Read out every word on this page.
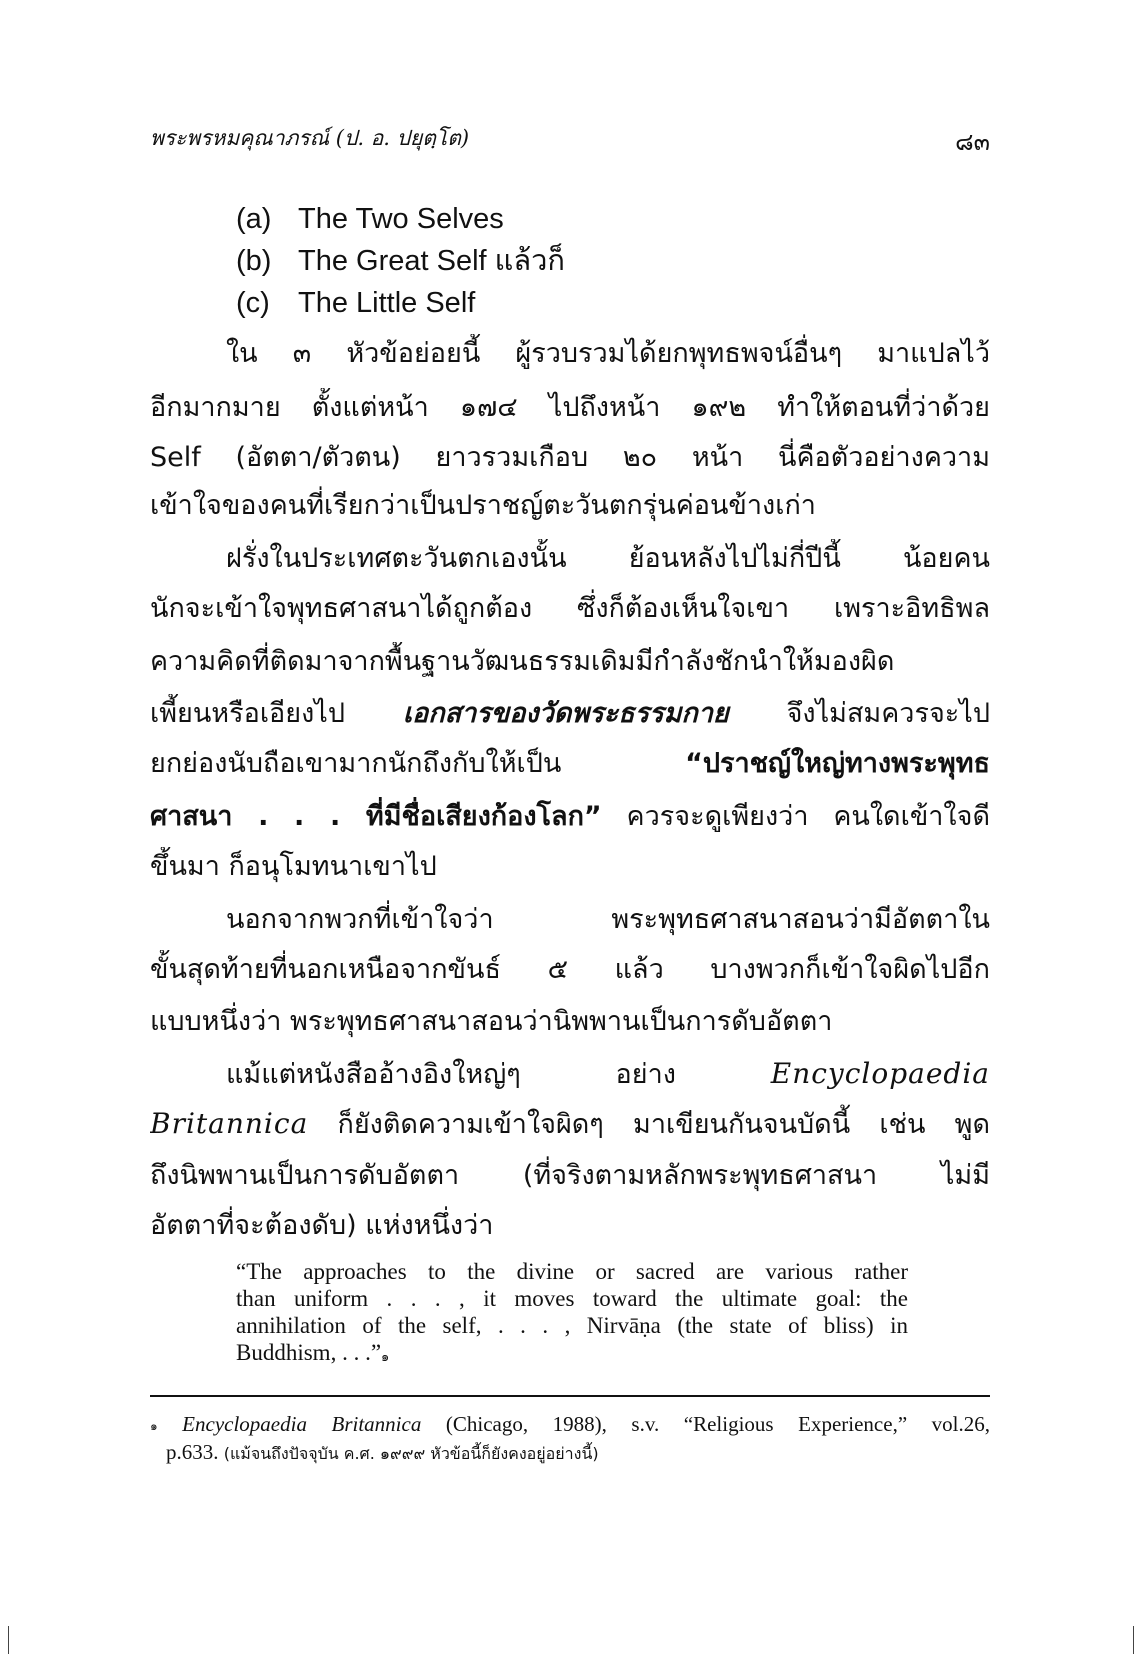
พระพรหมคุณาภรณ์ (ป. อ. ปยุตฺโต)	๘๓
(a) The Two Selves
(b) The Great Self แล้วก็
(c) The Little Self
ใน ๓ หัวข้อย่อยนี้ ผู้รวบรวมได้ยกพุทธพจน์อื่นๆ มาแปลไว้
อีกมากมาย ตั้งแต่หน้า ๑๗๔ ไปถึงหน้า ๑๙๒ ทำให้ตอนที่ว่าด้วย
Self (อัตตา/ตัวตน) ยาวรวมเกือบ ๒๐ หน้า นี่คือตัวอย่างความ
เข้าใจของคนที่เรียกว่าเป็นปราชญ์ตะวันตกรุ่นค่อนข้างเก่า
ฝรั่งในประเทศตะวันตกเองนั้น ย้อนหลังไปไม่กี่ปีนี้ น้อยคน
นักจะเข้าใจพุทธศาสนาได้ถูกต้อง ซึ่งก็ต้องเห็นใจเขา เพราะอิทธิพล
ความคิดที่ติดมาจากพื้นฐานวัฒนธรรมเดิมมีกำลังชักนำให้มองผิด
เพี้ยนหรือเอียงไป เอกสารของวัดพระธรรมกาย จึงไม่สมควรจะไป
ยกย่องนับถือเขามากนักถึงกับให้เป็น “ปราชญ์ใหญ่ทางพระพุทธ
ศาสนา . . . ที่มีชื่อเสียงก้องโลก” ควรจะดูเพียงว่า คนใดเข้าใจดี
ขึ้นมา ก็อนุโมทนาเขาไป
นอกจากพวกที่เข้าใจว่า พระพุทธศาสนาสอนว่ามีอัตตาใน
ขั้นสุดท้ายที่นอกเหนือจากขันธ์ ๕ แล้ว บางพวกก็เข้าใจผิดไปอีก
แบบหนึ่งว่า พระพุทธศาสนาสอนว่านิพพานเป็นการดับอัตตา
แม้แต่หนังสืออ้างอิงใหญ่ๆ อย่าง Encyclopaedia
Britannica ก็ยังติดความเข้าใจผิดๆ มาเขียนกันจนบัดนี้ เช่น พูด
ถึงนิพพานเป็นการดับอัตตา (ที่จริงตามหลักพระพุทธศาสนา ไม่มี
อัตตาที่จะต้องดับ) แห่งหนึ่งว่า
“The approaches to the divine or sacred are various rather
than uniform . . . , it moves toward the ultimate goal: the
annihilation of the self, . . . , Nirvāṇa (the state of bliss) in
Buddhism, . . .”$^๑$
$^๑$ Encyclopaedia Britannica (Chicago, 1988), s.v. “Religious Experience,” vol.26,
p.633. (แม้จนถึงปัจจุบัน ค.ศ. ๑๙๙๙ หัวข้อนี้ก็ยังคงอยู่อย่างนี้)
